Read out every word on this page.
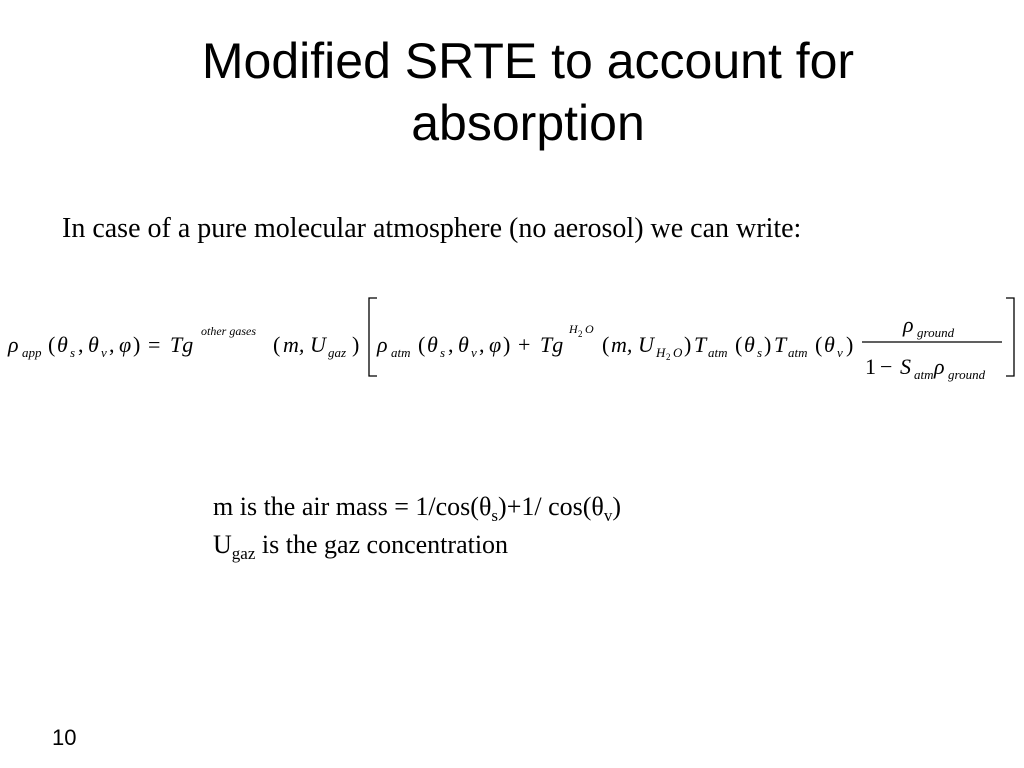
Modified SRTE to account for
absorption
In case of a pure molecular atmosphere (no aerosol) we can write:
ρ app ( θ s , θ v , φ ) = Tg
other gases
( m, U gaz ) ρ atm ( θ s , θ v , φ ) + Tg
H 2 O
( m, U H 2 O ) T atm ( θ s ) T atm ( θ v )
ρ ground
1 − S atm ρ ground
m is the air mass = $1/\cos(\theta_s)+1/$ $\cos(\theta_v)$
$U_{gaz}$ is the gaz concentration
10
